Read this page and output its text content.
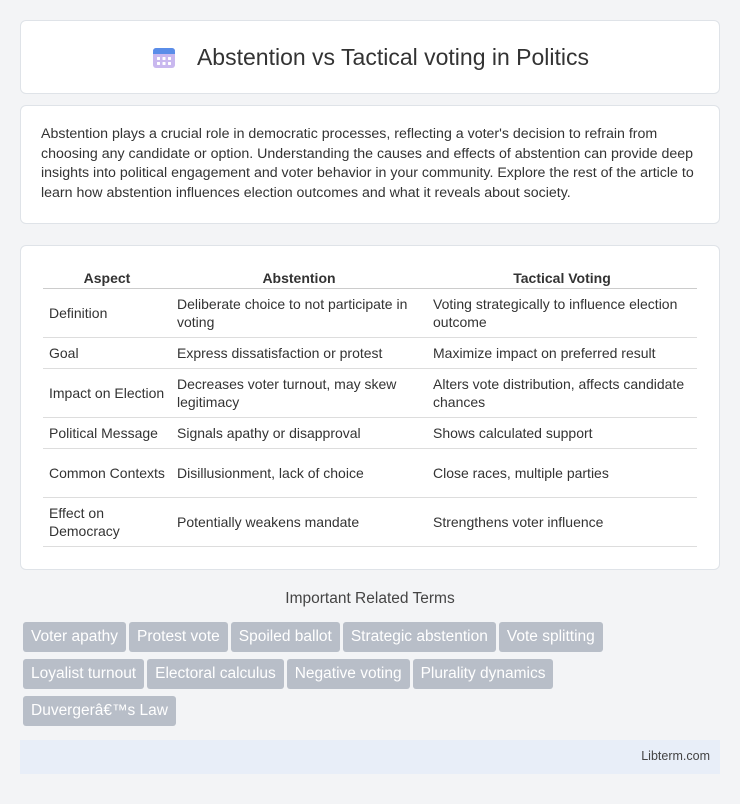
Abstention vs Tactical voting in Politics

Abstention plays a crucial role in democratic processes, reflecting a voter's decision to refrain from choosing any candidate or option. Understanding the causes and effects of abstention can provide deep insights into political engagement and voter behavior in your community. Explore the rest of the article to learn how abstention influences election outcomes and what it reveals about society.

Aspect	Abstention	Tactical Voting
Definition	Deliberate choice to not participate in voting	Voting strategically to influence election outcome
Goal	Express dissatisfaction or protest	Maximize impact on preferred result
Impact on Election	Decreases voter turnout, may skew legitimacy	Alters vote distribution, affects candidate chances
Political Message	Signals apathy or disapproval	Shows calculated support
Common Contexts	Disillusionment, lack of choice	Close races, multiple parties
Effect on Democracy	Potentially weakens mandate	Strengthens voter influence
Important Related Terms
Voter apathy Protest vote Spoiled ballot Strategic abstention Vote splitting
Loyalist turnout Electoral calculus Negative voting Plurality dynamics
Duvergerâ€™s Law
Libterm.com
